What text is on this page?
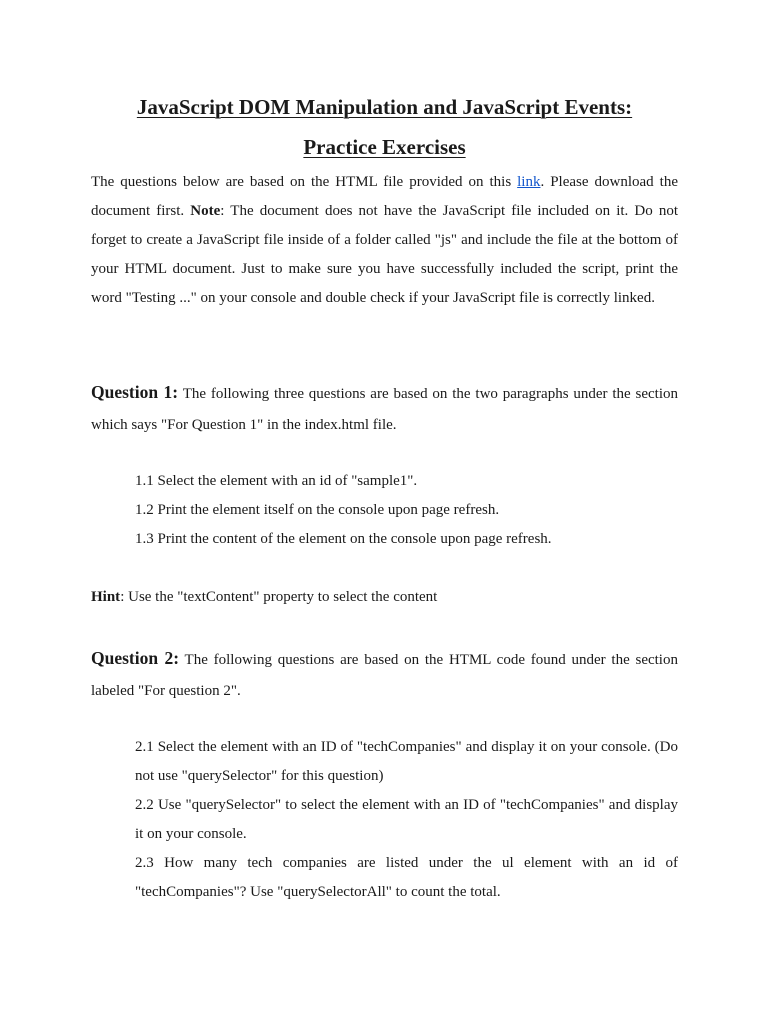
JavaScript DOM Manipulation and JavaScript Events:
Practice Exercises

The questions below are based on the HTML file provided on this link. Please download the document first. Note: The document does not have the JavaScript file included on it. Do not forget to create a JavaScript file inside of a folder called "js" and include the file at the bottom of your HTML document. Just to make sure you have successfully included the script, print the word "Testing ..." on your console and double check if your JavaScript file is correctly linked.

Question 1: The following three questions are based on the two paragraphs under the section which says "For Question 1" in the index.html file.

1.1 Select the element with an id of "sample1".

1.2 Print the element itself on the console upon page refresh.

1.3 Print the content of the element on the console upon page refresh.

Hint: Use the "textContent" property to select the content

Question 2: The following questions are based on the HTML code found under the section labeled "For question 2".

2.1 Select the element with an ID of "techCompanies" and display it on your console. (Do not use "querySelector" for this question)

2.2 Use "querySelector" to select the element with an ID of "techCompanies" and display it on your console.

2.3 How many tech companies are listed under the ul element with an id of "techCompanies"? Use "querySelectorAll" to count the total.
